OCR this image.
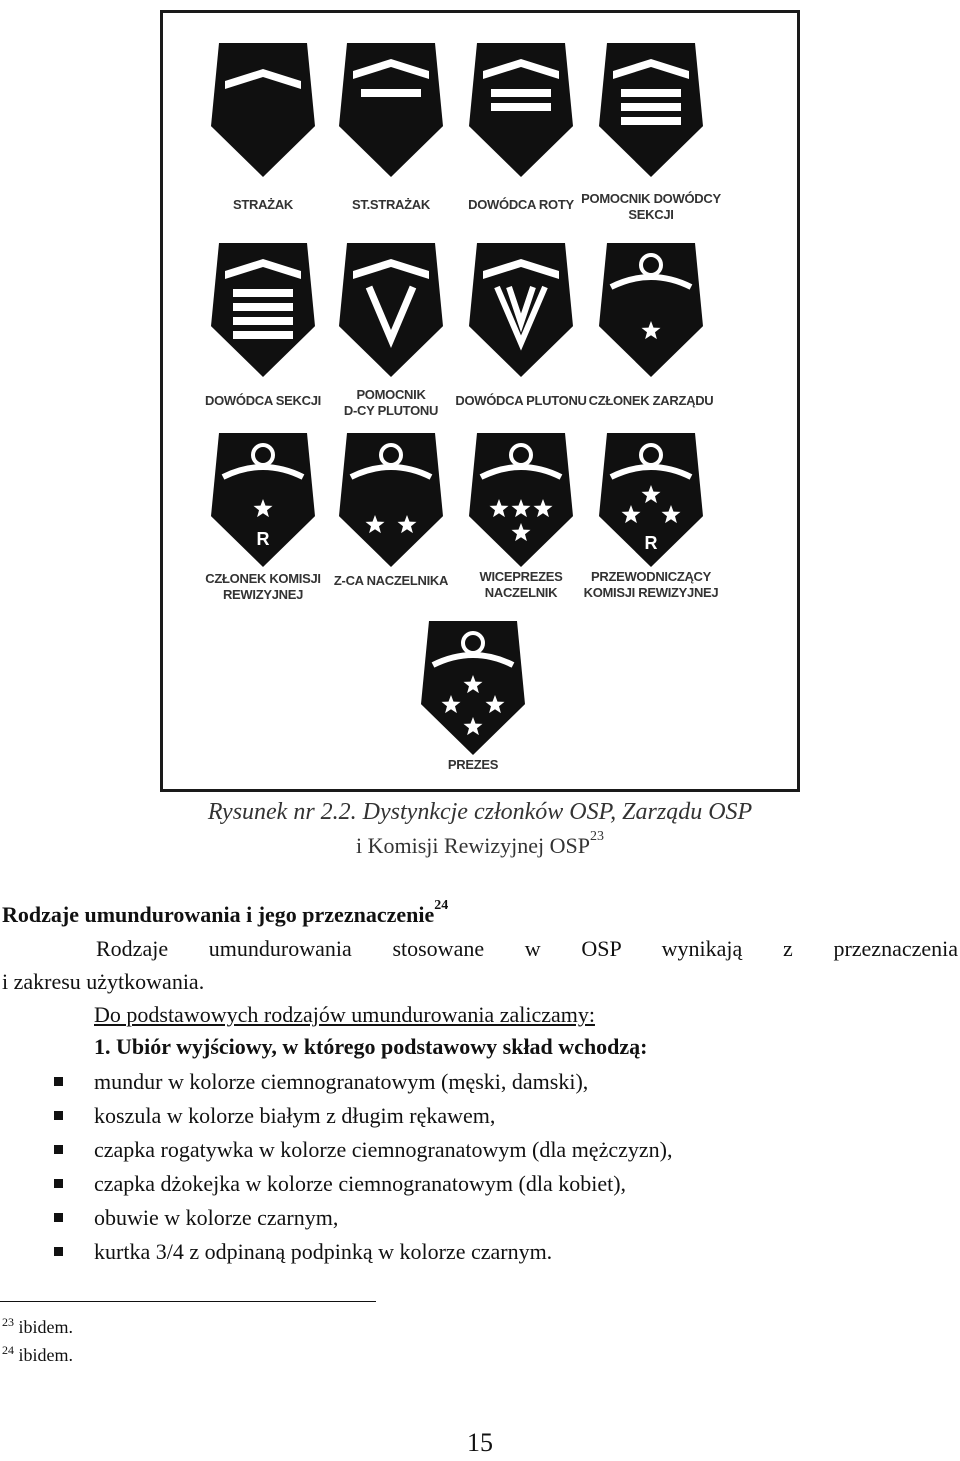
STRAŻAK	ST.STRAŻAK	DOWÓDCA ROTY POMOCNIK DOWÓDCY
SEKCJI
DOWÓDCA SEKCJI	POMOCNIK
D-CY PLUTONU
DOWÓDCA PLUTONU CZŁONEK ZARZĄDU
R
CZŁONEK KOMISJI
REWIZYJNEJ
Z-CA NACZELNIKA WICEPREZES
NACZELNIK
R
PRZEWODNICZĄCY
KOMISJI REWIZYJNEJ
PREZES
Rysunek nr 2.2. Dystynkcje członków OSP, Zarządu OSP
i Komisji Rewizyjnej OSP$^{23}$
Rodzaje umundurowania i jego przeznaczenie$^{24}$
Rodzaje umundurowania stosowane w OSP wynikają z przeznaczenia
i zakresu użytkowania.
Do podstawowych rodzajów umundurowania zaliczamy:
1. Ubiór wyjściowy, w którego podstawowy skład wchodzą:
mundur w kolorze ciemnogranatowym (męski, damski),
koszula w kolorze białym z długim rękawem,
czapka rogatywka w kolorze ciemnogranatowym (dla mężczyzn),
czapka dżokejka w kolorze ciemnogranatowym (dla kobiet),
obuwie w kolorze czarnym,
kurtka 3/4 z odpinaną podpinką w kolorze czarnym.
$^{23}$ ibidem.
$^{24}$ ibidem.
15
